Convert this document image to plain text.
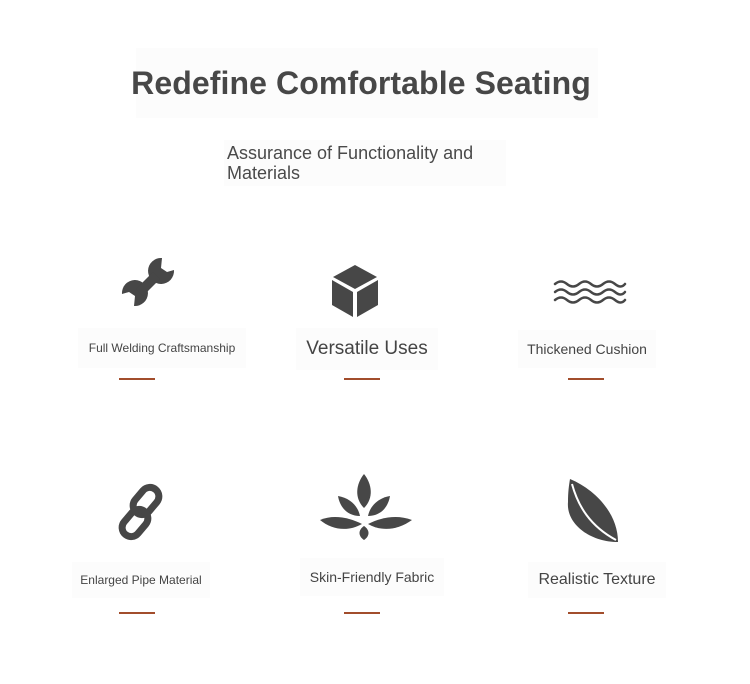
Redefine Comfortable Seating
Assurance of Functionality and Materials
Full Welding Craftsmanship	Versatile Uses	Thickened Cushion
Enlarged Pipe Material	Skin-Friendly Fabric	Realistic Texture
